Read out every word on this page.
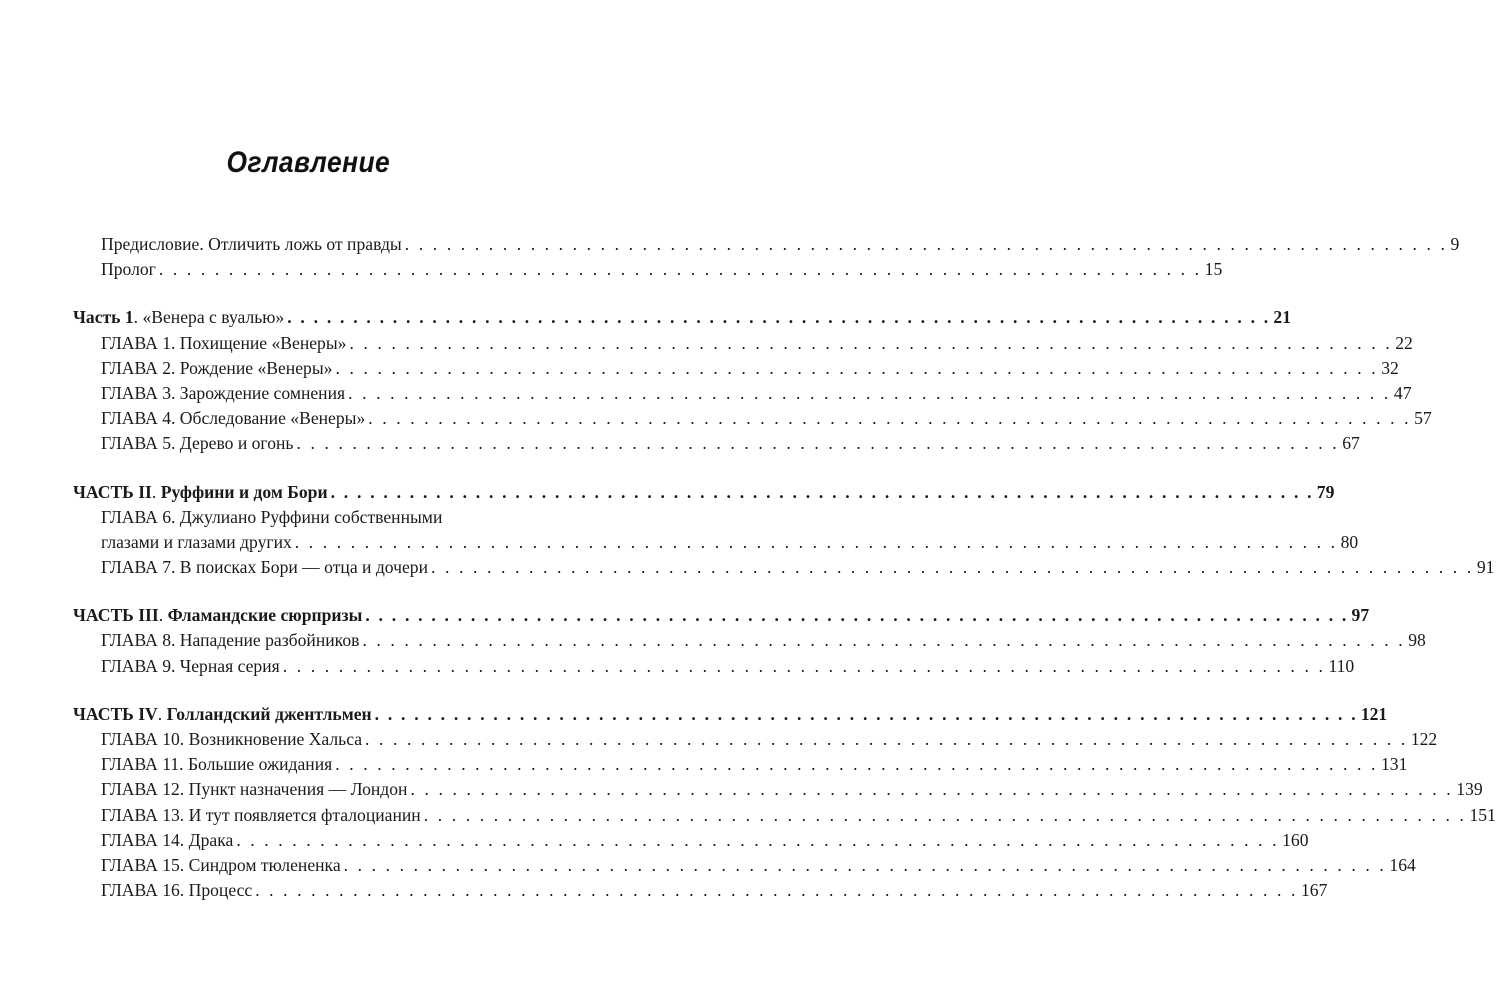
Оглавление
Предисловие. Отличить ложь от правды . . . . . . . . . . . . . . . . . . . . . . . . . . . . . . . . . . . . . . . . . . . . . . . . . . . . . . . . . . . . . . . . . . . . . . . . . . . 9
Пролог . . . . . . . . . . . . . . . . . . . . . . . . . . . . . . . . . . . . . . . . . . . . . . . . . . . . . . . . . . . . . . . . . . . . . . . . . . . 15
Часть 1. «Венера с вуалью» . . . . . . . . . . . . . . . . . . . . . . . . . . . . . . . . . . . . . . . . . . . . . . . . . . . . . . . . . . . . . . . . . . . . . . . . . . . 21
ГЛАВА 1. Похищение «Венеры» . . . . . . . . . . . . . . . . . . . . . . . . . . . . . . . . . . . . . . . . . . . . . . . . . . . . . . . . . . . . . . . . . . . . . . . . . . . 22
ГЛАВА 2. Рождение «Венеры» . . . . . . . . . . . . . . . . . . . . . . . . . . . . . . . . . . . . . . . . . . . . . . . . . . . . . . . . . . . . . . . . . . . . . . . . . . . 32
ГЛАВА 3. Зарождение сомнения . . . . . . . . . . . . . . . . . . . . . . . . . . . . . . . . . . . . . . . . . . . . . . . . . . . . . . . . . . . . . . . . . . . . . . . . . . . 47
ГЛАВА 4. Обследование «Венеры» . . . . . . . . . . . . . . . . . . . . . . . . . . . . . . . . . . . . . . . . . . . . . . . . . . . . . . . . . . . . . . . . . . . . . . . . . . . 57
ГЛАВА 5. Дерево и огонь . . . . . . . . . . . . . . . . . . . . . . . . . . . . . . . . . . . . . . . . . . . . . . . . . . . . . . . . . . . . . . . . . . . . . . . . . . . 67
ЧАСТЬ II. Руффини и дом Бори . . . . . . . . . . . . . . . . . . . . . . . . . . . . . . . . . . . . . . . . . . . . . . . . . . . . . . . . . . . . . . . . . . . . . . . . . . . 79
ГЛАВА 6. Джулиано Руффини собственными
глазами и глазами других . . . . . . . . . . . . . . . . . . . . . . . . . . . . . . . . . . . . . . . . . . . . . . . . . . . . . . . . . . . . . . . . . . . . . . . . . . . 80
ГЛАВА 7. В поисках Бори — отца и дочери . . . . . . . . . . . . . . . . . . . . . . . . . . . . . . . . . . . . . . . . . . . . . . . . . . . . . . . . . . . . . . . . . . . . . . . . . . . 91
ЧАСТЬ III. Фламандские сюрпризы . . . . . . . . . . . . . . . . . . . . . . . . . . . . . . . . . . . . . . . . . . . . . . . . . . . . . . . . . . . . . . . . . . . . . . . . . . . 97
ГЛАВА 8. Нападение разбойников . . . . . . . . . . . . . . . . . . . . . . . . . . . . . . . . . . . . . . . . . . . . . . . . . . . . . . . . . . . . . . . . . . . . . . . . . . . 98
ГЛАВА 9. Черная серия . . . . . . . . . . . . . . . . . . . . . . . . . . . . . . . . . . . . . . . . . . . . . . . . . . . . . . . . . . . . . . . . . . . . . . . . . . . 110
ЧАСТЬ IV. Голландский джентльмен . . . . . . . . . . . . . . . . . . . . . . . . . . . . . . . . . . . . . . . . . . . . . . . . . . . . . . . . . . . . . . . . . . . . . . . . . . . 121
ГЛАВА 10. Возникновение Хальса . . . . . . . . . . . . . . . . . . . . . . . . . . . . . . . . . . . . . . . . . . . . . . . . . . . . . . . . . . . . . . . . . . . . . . . . . . . 122
ГЛАВА 11. Большие ожидания . . . . . . . . . . . . . . . . . . . . . . . . . . . . . . . . . . . . . . . . . . . . . . . . . . . . . . . . . . . . . . . . . . . . . . . . . . . 131
ГЛАВА 12. Пункт назначения — Лондон . . . . . . . . . . . . . . . . . . . . . . . . . . . . . . . . . . . . . . . . . . . . . . . . . . . . . . . . . . . . . . . . . . . . . . . . . . . 139
ГЛАВА 13. И тут появляется фталоцианин . . . . . . . . . . . . . . . . . . . . . . . . . . . . . . . . . . . . . . . . . . . . . . . . . . . . . . . . . . . . . . . . . . . . . . . . . . . 151
ГЛАВА 14. Драка . . . . . . . . . . . . . . . . . . . . . . . . . . . . . . . . . . . . . . . . . . . . . . . . . . . . . . . . . . . . . . . . . . . . . . . . . . . 160
ГЛАВА 15. Синдром тюлененка . . . . . . . . . . . . . . . . . . . . . . . . . . . . . . . . . . . . . . . . . . . . . . . . . . . . . . . . . . . . . . . . . . . . . . . . . . . 164
ГЛАВА 16. Процесс . . . . . . . . . . . . . . . . . . . . . . . . . . . . . . . . . . . . . . . . . . . . . . . . . . . . . . . . . . . . . . . . . . . . . . . . . . . 167
